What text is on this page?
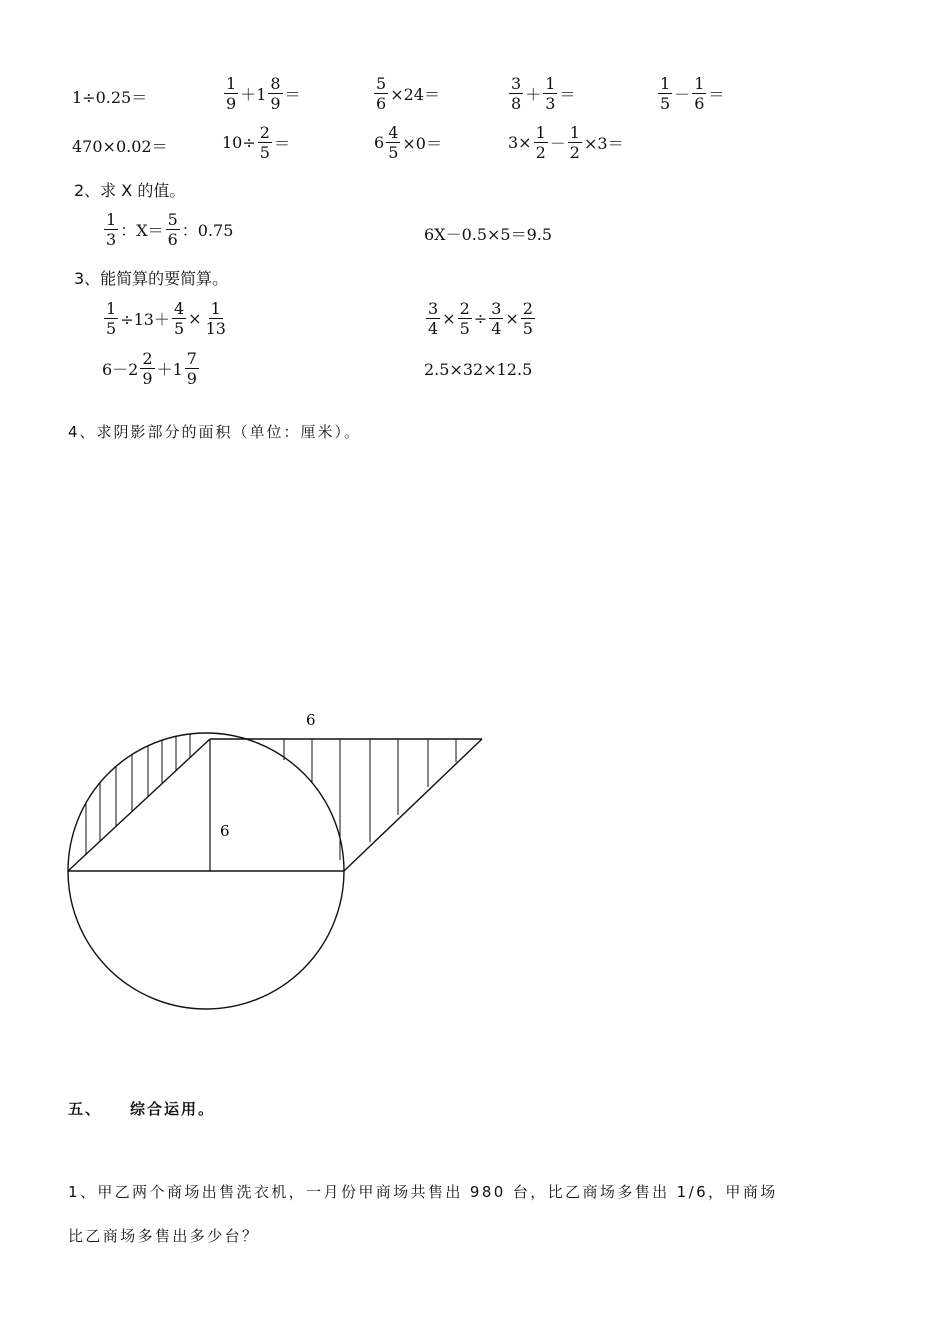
1÷0.25＝	$\frac{1}{9} +1 \frac{8}{9}$ ＝	$\frac{5}{6} \times 24=$	$\frac{3}{8} + \frac{1}{3}$ ＝	$\frac{1}{5} - \frac{1}{6}$ ＝
470×0.02＝	$10\div \frac{2}{5}$ ＝	$6 \frac{4}{5} \times 0=$	$3\times \frac{1}{2} - \frac{1}{2} \times 3=$
2、求 X 的值。
$\frac{1}{3}$ ：$X= \frac{5}{6}$ ：0.75	6X－0.5×5＝9.5
3、能简算的要简算。
$\frac{1}{5} \div 13+ \frac{4}{5} \times \frac{1}{13}$	$\frac{3}{4} \times \frac{2}{5} \div \frac{3}{4} \times \frac{2}{5}$
$6-2 \frac{2}{9} +1 \frac{7}{9}$	2.5×32×12.5
4、求阴影部分的面积（单位：厘米）。
6
6
五、 综合运用。
1、甲乙两个商场出售洗衣机，一月份甲商场共售出 980 台，比乙商场多售出 1/6，甲商场
比乙商场多售出多少台？
